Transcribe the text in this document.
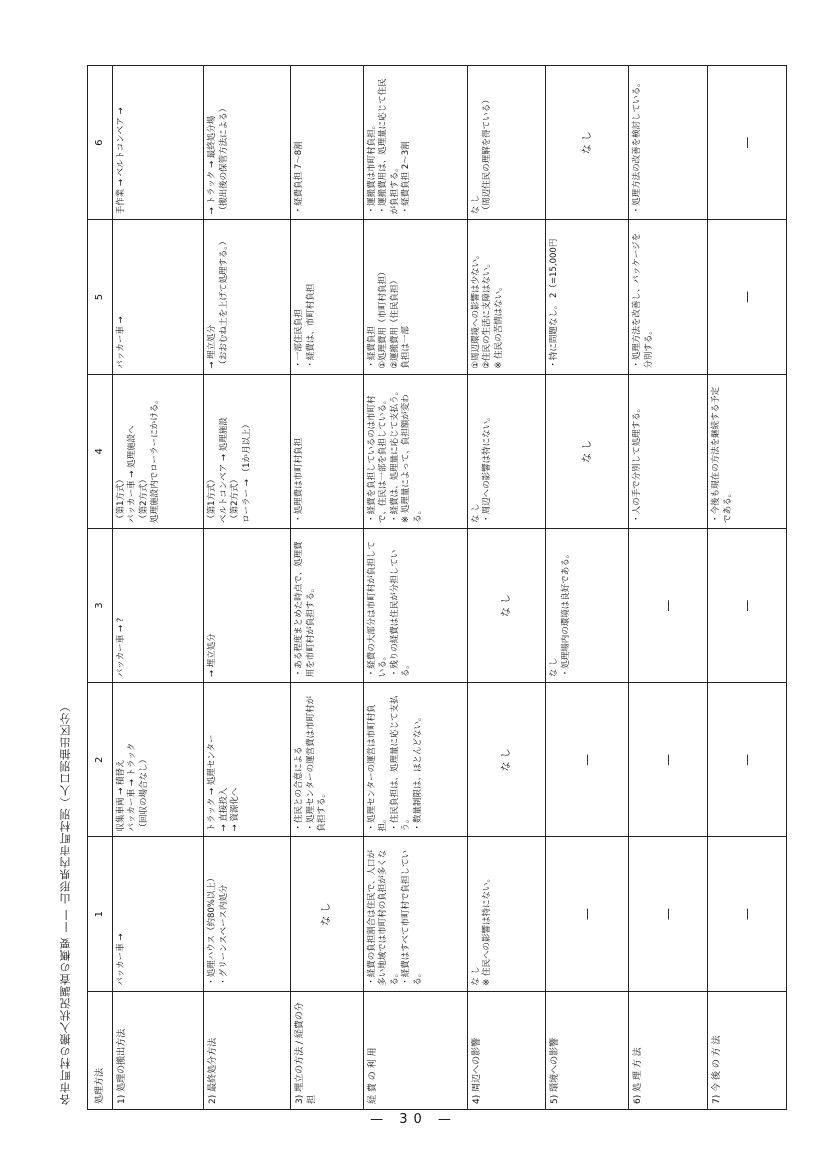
各市町村の搬入状況調査の概要 —— 山形県内市町村別（人口別抽出区分）	処理方法	1	2	3	4	5	6
1) 処理の搬出方法	パッカー車 →	収集車両 → 積替え パッカー車 → トラック （回収の場合なし）	パッカー車 → ?	（第1方式） パッカー車 → 処理施設へ （第2方式） 処理施設内でローラーにかける。	パッカー車 →	手作業 → ベルトコンベア →

2) 最終処分方法	・処理ハウス（約80%以上） ・グリーンスペース内処分	トラック → 処理センター → 直接投入 → 資源化へ	→ 埋立処分	（第1方式） ベルトコンベア → 処理施設 （第2方式） ローラー → （1か月以上）	→ 埋立処分 （おおむね土を上げて処理する。）	→ トラック → 最終処分場 （搬出後の保管方法による）

3) 埋立の方法 / 経費の分担	な し	・住民との合意による ・処理センターの運営費は市町村が負担する。	・ある程度まとめた時点で、処理費用を市町村が負担する。	・処理費は市町村負担	・一部住民負担 ・経費は、市町村負担	・経費負担 7〜8割

経 費 の 利 用	・経費の負担割合は住民で、人口が多い地域では市町村の負担が多くなる。 ・経費はすべて市町村で負担している。	・処理センターの運営は市町村負担。 ・住民負担は、処理量に応じて支払う。 ・数量制限は、ほとんどない。	・経費の大部分は市町村が負担している。 ・残りの経費は住民が分担している。	・経費を負担しているのは市町村で、住民は一部を負担している。 ・経費は、処理量に応じて支払う。 ※ 処理量によって、負担額が変わる。	・経費負担 ①処理費用（市町村負担） ②運搬費用（住民負担） 負担は一部	・運搬費は市町村負担。 ・運搬費用は、処理量に応じて住民が負担する。 ・経費負担 2〜3割

4) 周辺への影響	な し ※ 住民への影響は特にない。	な し	な し	な し ・周辺への影響は特にない。	①周辺環境への影響は少ない。 ②住民の生活に支障はない。 ※ 住民の苦情はない。	な し （周辺住民の理解を得ている）

5) 環境への影響	—	—	な し ・処理場内の環境は良好である。	な し	・特に問題なし。 2（=15,000円	な し

6) 処 理 方 法	—	—	—	・人の手で分別して処理する。	・処理方法を改善し、パッケージを分別する。	・処理方法の改善を検討している。

7) 今 後 の 方 法	—	—	—	・今後も現在の方法を継続する予定である。	—	—
— 30 —
